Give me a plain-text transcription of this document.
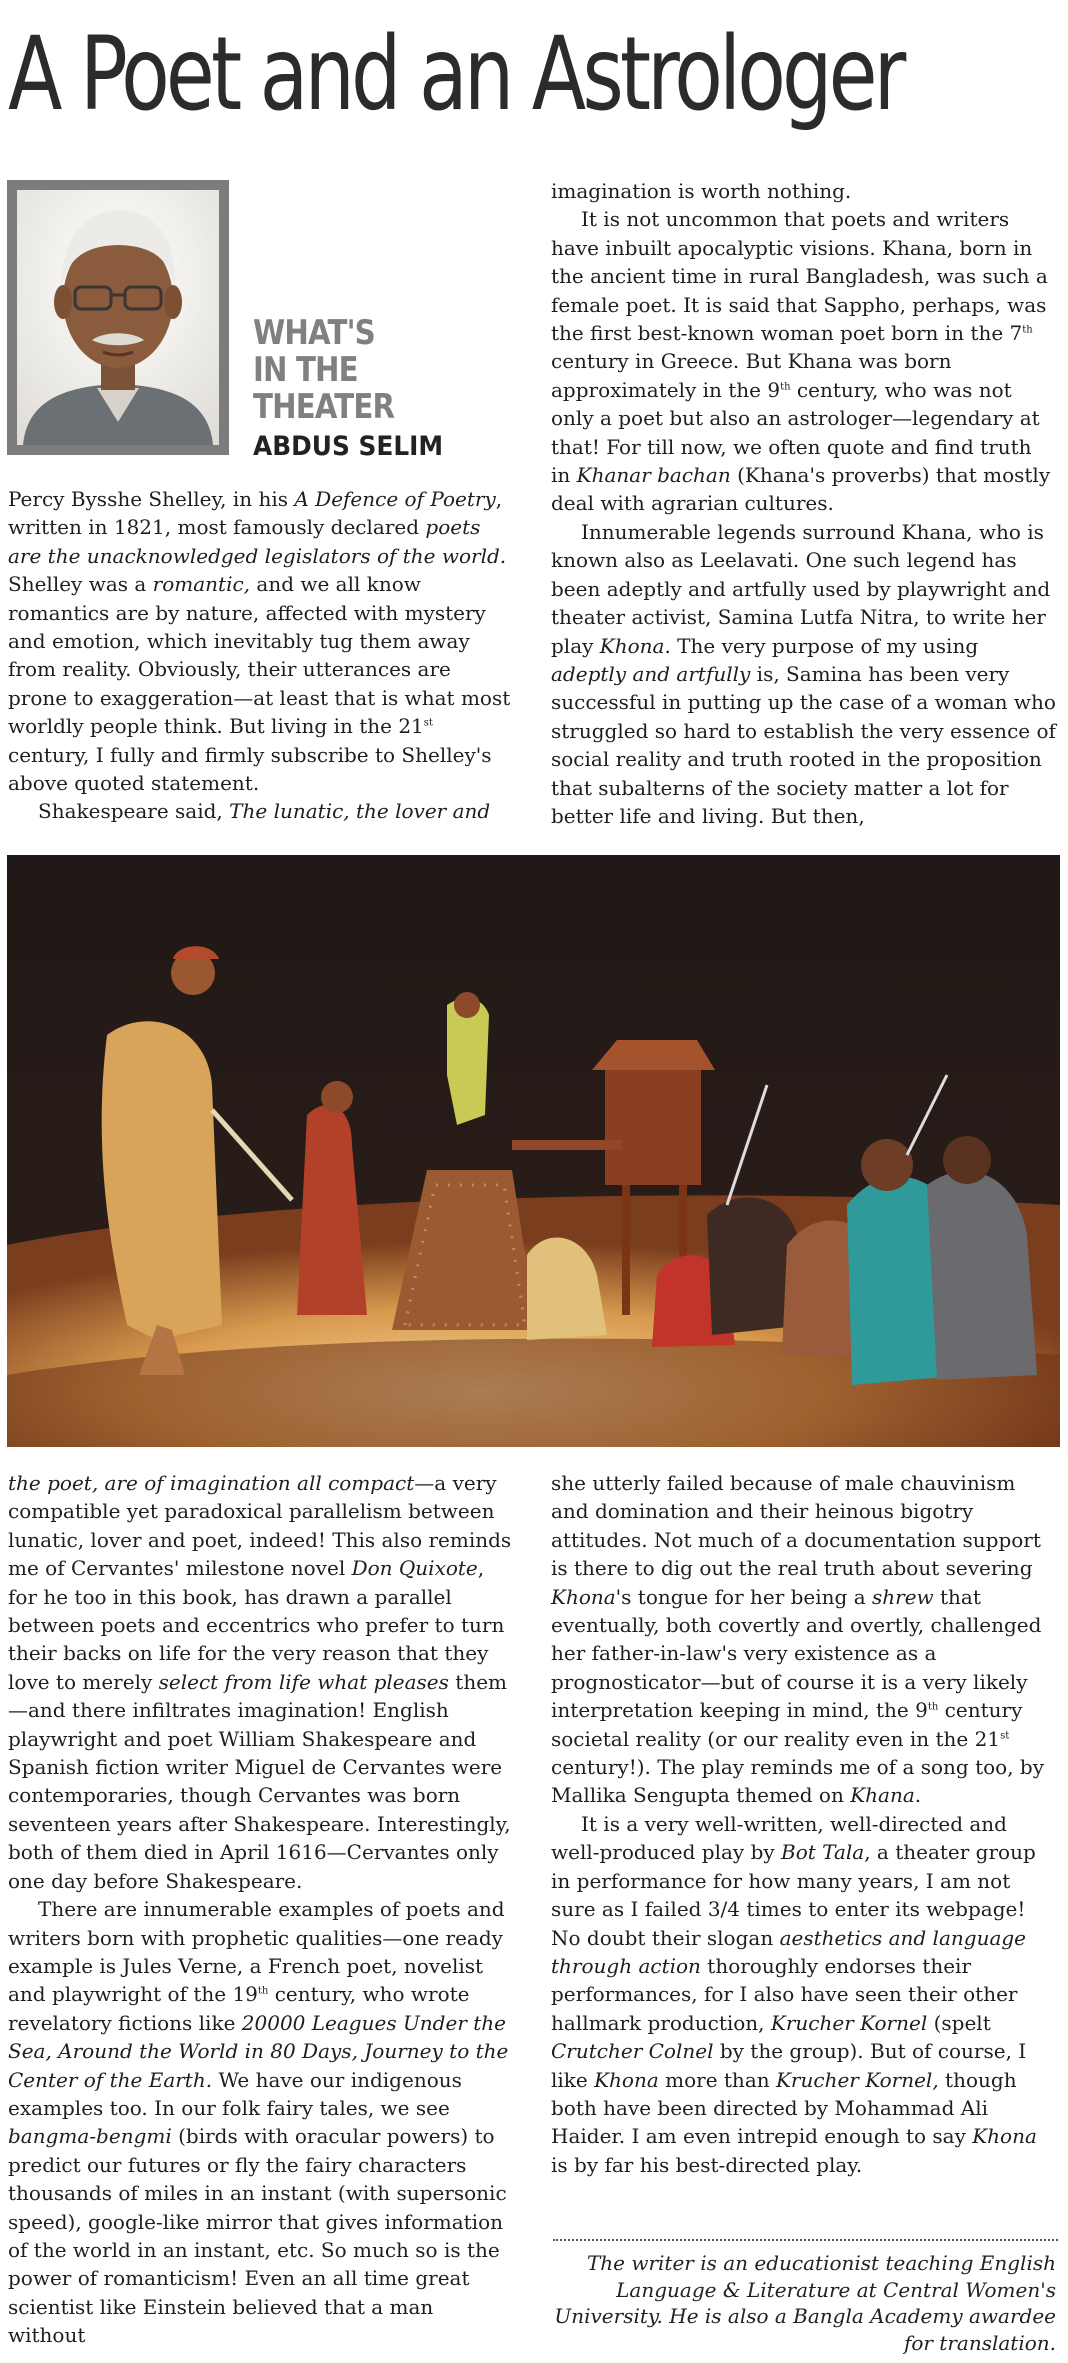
A Poet and an Astrologer
WHAT'S
IN THE
THEATER
ABDUS SELIM

Percy Bysshe Shelley, in his A Defence of Poetry, written in 1821, most famously declared poets are the unacknowledged legislators of the world. Shelley was a romantic, and we all know romantics are by nature, affected with mystery and emotion, which inevitably tug them away from reality. Obviously, their utterances are prone to exaggeration—at least that is what most worldly people think. But living in the 21st century, I fully and firmly subscribe to Shelley's above quoted statement.

Shakespeare said, The lunatic, the lover and

imagination is worth nothing.

It is not uncommon that poets and writers have inbuilt apocalyptic visions. Khana, born in the ancient time in rural Bangladesh, was such a female poet. It is said that Sappho, perhaps, was the first best-known woman poet born in the 7th century in Greece. But Khana was born approximately in the 9th century, who was not only a poet but also an astrologer—legendary at that! For till now, we often quote and find truth in Khanar bachan (Khana's proverbs) that mostly deal with agrarian cultures.

Innumerable legends surround Khana, who is known also as Leelavati. One such legend has been adeptly and artfully used by playwright and theater activist, Samina Lutfa Nitra, to write her play Khona. The very purpose of my using adeptly and artfully is, Samina has been very successful in putting up the case of a woman who struggled so hard to establish the very essence of social reality and truth rooted in the proposition that subalterns of the society matter a lot for better life and living. But then,

the poet, are of imagination all compact—a very compatible yet paradoxical parallelism between lunatic, lover and poet, indeed! This also reminds me of Cervantes' milestone novel Don Quixote, for he too in this book, has drawn a parallel between poets and eccentrics who prefer to turn their backs on life for the very reason that they love to merely select from life what pleases them—and there infiltrates imagination! English playwright and poet William Shakespeare and Spanish fiction writer Miguel de Cervantes were contemporaries, though Cervantes was born seventeen years after Shakespeare. Interestingly, both of them died in April 1616—Cervantes only one day before Shakespeare.

There are innumerable examples of poets and writers born with prophetic qualities—one ready example is Jules Verne, a French poet, novelist and playwright of the 19th century, who wrote revelatory fictions like 20000 Leagues Under the Sea, Around the World in 80 Days, Journey to the Center of the Earth. We have our indigenous examples too. In our folk fairy tales, we see bangma-bengmi (birds with oracular powers) to predict our futures or fly the fairy characters thousands of miles in an instant (with supersonic speed), google-like mirror that gives information of the world in an instant, etc. So much so is the power of romanticism! Even an all time great scientist like Einstein believed that a man without

she utterly failed because of male chauvinism and domination and their heinous bigotry attitudes. Not much of a documentation support is there to dig out the real truth about severing Khona's tongue for her being a shrew that eventually, both covertly and overtly, challenged her father-in-law's very existence as a prognosticator—but of course it is a very likely interpretation keeping in mind, the 9th century societal reality (or our reality even in the 21st century!). The play reminds me of a song too, by Mallika Sengupta themed on Khana.

It is a very well-written, well-directed and well-produced play by Bot Tala, a theater group in performance for how many years, I am not sure as I failed 3/4 times to enter its webpage! No doubt their slogan aesthetics and language through action thoroughly endorses their performances, for I also have seen their other hallmark production, Krucher Kornel (spelt Crutcher Colnel by the group). But of course, I like Khona more than Krucher Kornel, though both have been directed by Mohammad Ali Haider. I am even intrepid enough to say Khona is by far his best-directed play.

The writer is an educationist teaching English Language & Literature at Central Women's University. He is also a Bangla Academy awardee for translation.
